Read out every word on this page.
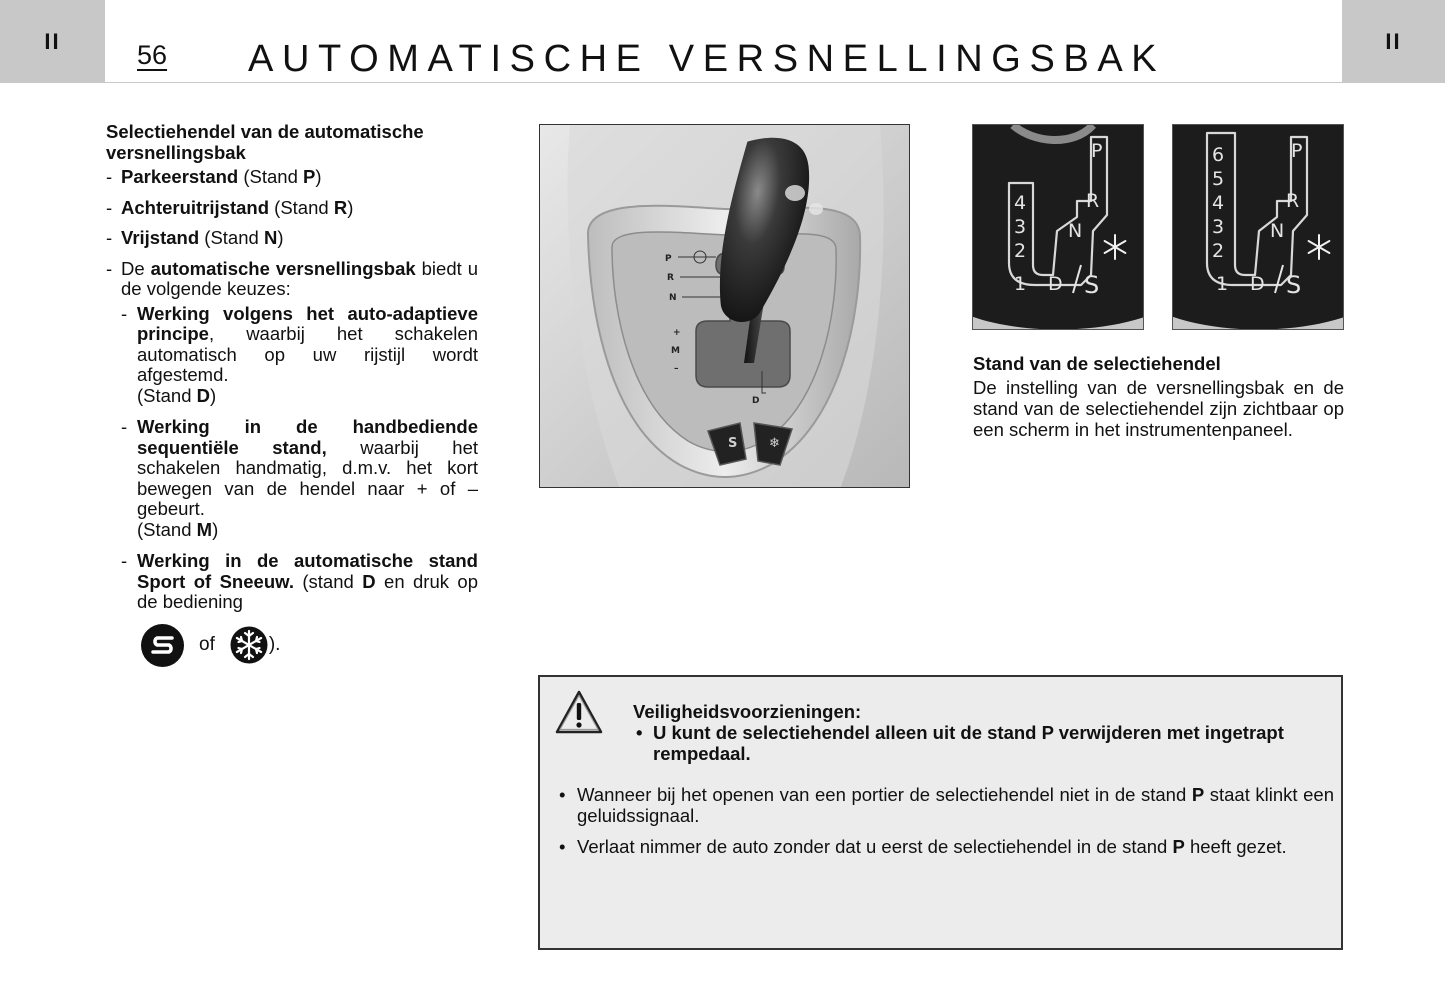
II	II
56 AUTOMATISCHE VERSNELLINGSBAK
Selectiehendel van de automatische versnellingsbak
- Parkeerstand (Stand P)
- Achteruitrijstand (Stand R)
- Vrijstand (Stand N)
- De automatische versnellingsbak biedt u de volgende keuzes:
- Werking volgens het auto-adaptieve principe, waarbij het schakelen automatisch op uw rijstijl wordt afgestemd.
(Stand D)
- Werking in de handbediende sequentiële stand, waarbij het schakelen handmatig, d.m.v. het kort bewegen van de hendel naar + of – gebeurt.
(Stand M)
- Werking in de automatische stand Sport of Sneeuw. (stand D en druk op de bediening
of	).
P
R
N
+
M
–
D
S ❄
4
3
2
1
P
R
N
D S
6
5
4
3
2
1
P
R
N
D S
Stand van de selectiehendel

De instelling van de versnellingsbak en de stand van de selectiehendel zijn zichtbaar op een scherm in het instrumentenpaneel.

Veiligheidsvoorzieningen:
• U kunt de selectiehendel alleen uit de stand P verwijderen met ingetrapt rempedaal.
• Wanneer bij het openen van een portier de selectiehendel niet in de stand P staat klinkt een geluidssignaal.
• Verlaat nimmer de auto zonder dat u eerst de selectiehendel in de stand P heeft gezet.
